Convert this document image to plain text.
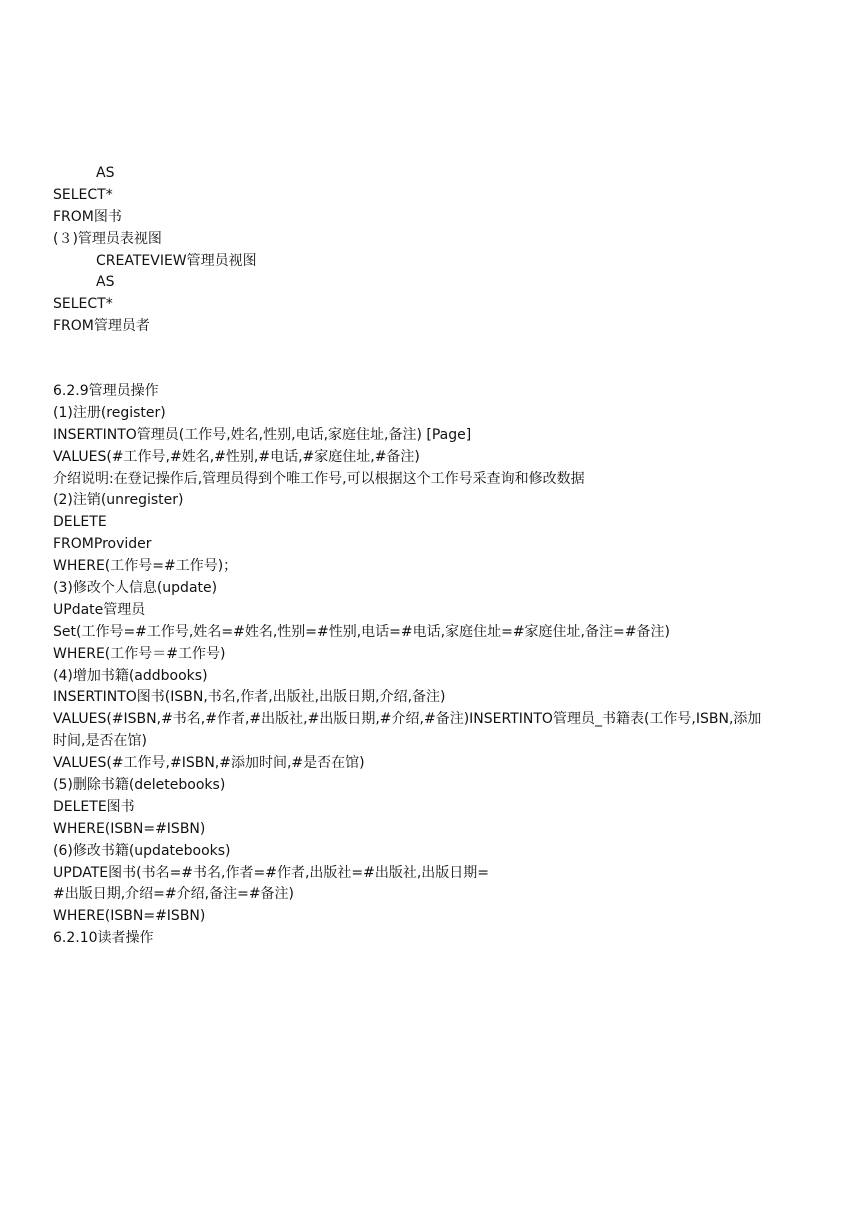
AS
SELECT*
FROM图书
(３)管理员表视图
CREATEVIEW管理员视图
AS
SELECT*
FROM管理员者
6.2.9管理员操作
(1)注册(register)
INSERTINTO管理员(工作号,姓名,性别,电话,家庭住址,备注) [Page]
VALUES(#工作号,#姓名,#性别,#电话,#家庭住址,#备注)
介绍说明:在登记操作后,管理员得到个唯工作号,可以根据这个工作号采查询和修改数据
(2)注销(unregister)
DELETE
FROMProvider
WHERE(工作号=#工作号)；
(3)修改个人信息(update)
UPdate管理员
Set(工作号=#工作号,姓名=#姓名,性别=#性别,电话=#电话,家庭住址=#家庭住址,备注=#备注)
WHERE(工作号＝#工作号)
(4)增加书籍(addbooks)
INSERTINTO图书(ISBN,书名,作者,出版社,出版日期,介绍,备注)
VALUES(#ISBN,#书名,#作者,#出版社,#出版日期,#介绍,#备注)INSERTINTO管理员_书籍表(工作号,ISBN,添加
时间,是否在馆)
VALUES(#工作号,#ISBN,#添加时间,#是否在馆)
(5)删除书籍(deletebooks)
DELETE图书
WHERE(ISBN=#ISBN)
(6)修改书籍(updatebooks)
UPDATE图书(书名=#书名,作者=#作者,出版社=#出版社,出版日期=
#出版日期,介绍=#介绍,备注=#备注)
WHERE(ISBN=#ISBN)
6.2.10读者操作
